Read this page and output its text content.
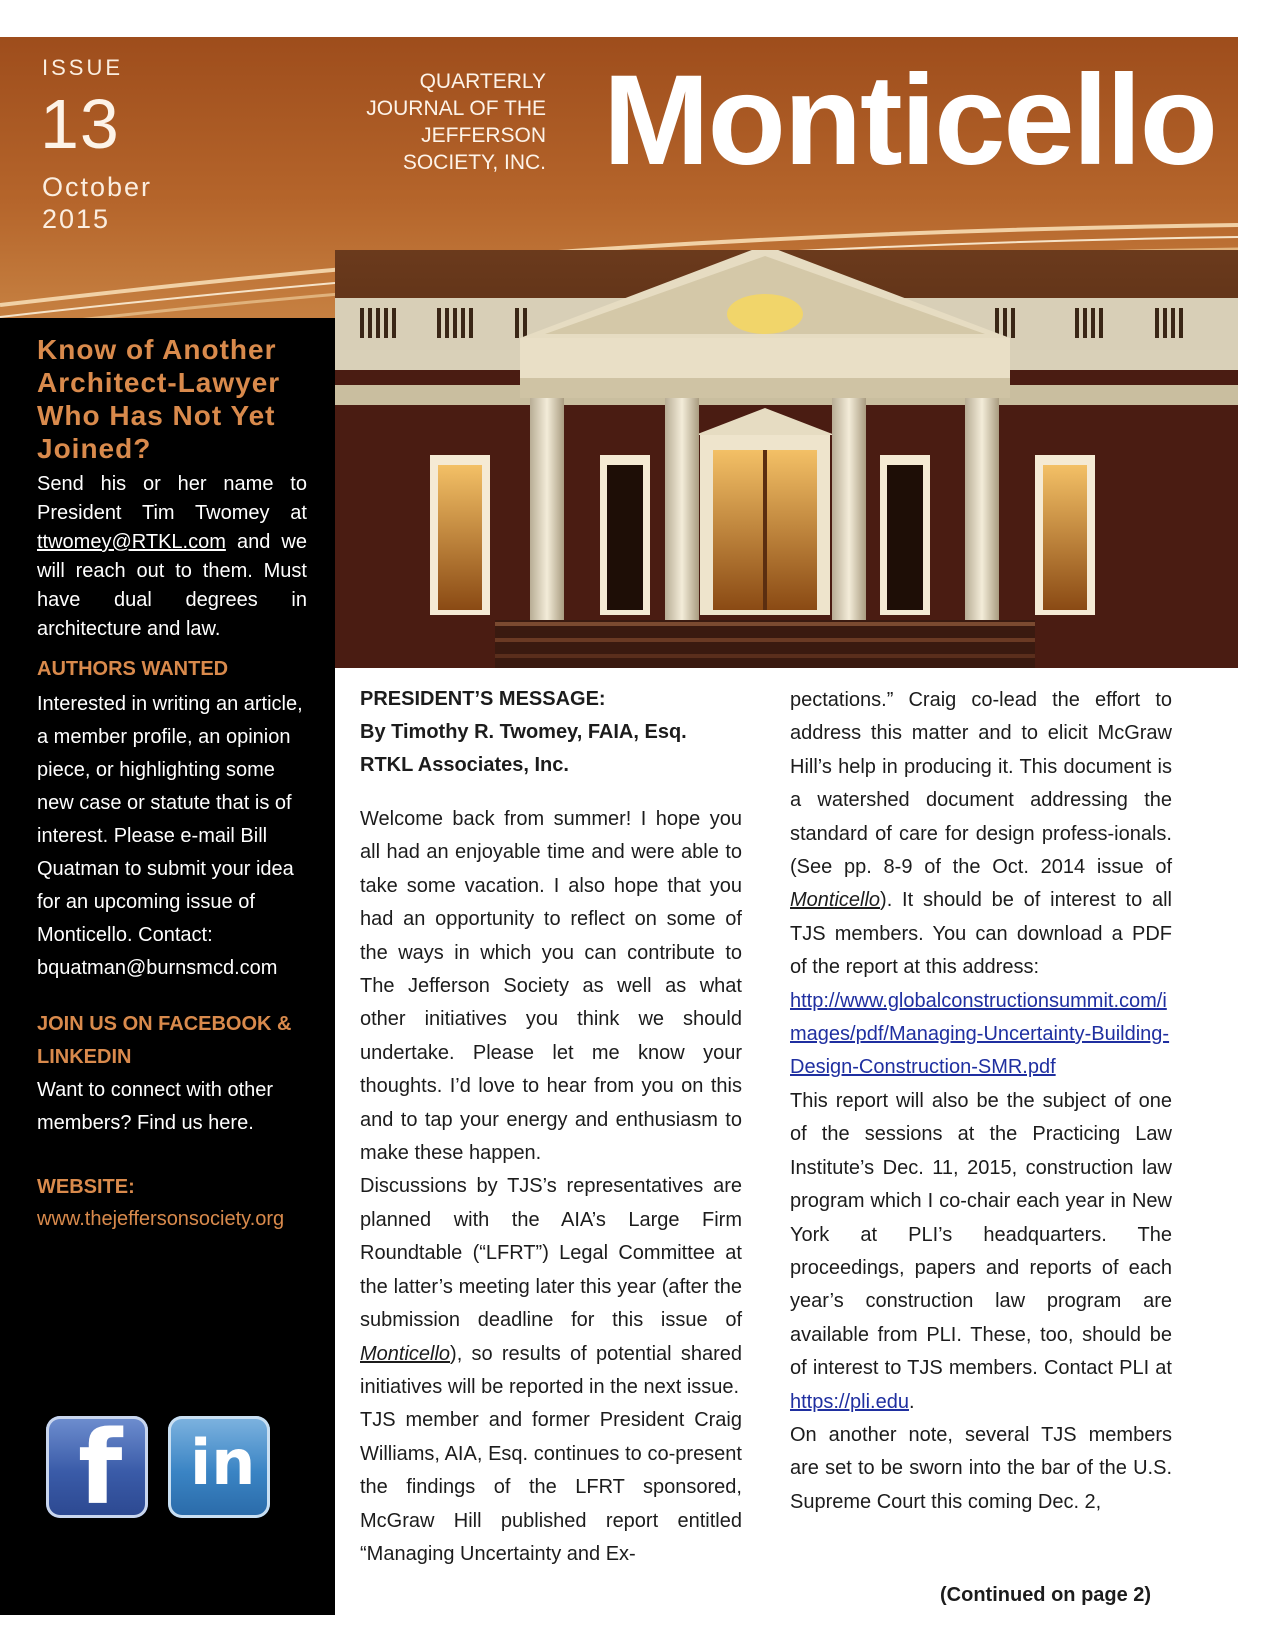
ISSUE
13
October
2015
QUARTERLY
JOURNAL OF THE
JEFFERSON
SOCIETY, INC. Monticello
Know of Another Architect-Lawyer Who Has Not Yet Joined?
Send his or her name to President Tim Twomey at ttwomey@RTKL.com and we will reach out to them. Must have dual degrees in architecture and law.
AUTHORS WANTED
Interested in writing an article, a member profile, an opinion piece, or highlighting some new case or statute that is of interest. Please e-mail Bill Quatman to submit your idea for an upcoming issue of Monticello. Contact:
bquatman@burnsmcd.com
JOIN US ON FACEBOOK & LINKEDIN
Want to connect with other members? Find us here.
WEBSITE:
www.thejeffersonsociety.org
f in
PRESIDENT’S MESSAGE:
By Timothy R. Twomey, FAIA, Esq.
RTKL Associates, Inc.

Welcome back from summer! I hope you all had an enjoyable time and were able to take some vacation. I also hope that you had an opportunity to reflect on some of the ways in which you can contribute to The Jefferson Society as well as what other initiatives you think we should undertake. Please let me know your thoughts. I’d love to hear from you on this and to tap your energy and enthusiasm to make these happen.

Discussions by TJS’s representatives are planned with the AIA’s Large Firm Roundtable (“LFRT”) Legal Committee at the latter’s meeting later this year (after the submission deadline for this issue of Monticello), so results of potential shared initiatives will be reported in the next issue.

TJS member and former President Craig Williams, AIA, Esq. continues to co-present the findings of the LFRT sponsored, McGraw Hill published report entitled “Managing Uncertainty and Ex-

pectations.” Craig co-lead the effort to address this matter and to elicit McGraw Hill’s help in producing it. This document is a watershed document addressing the standard of care for design profess-ionals. (See pp. 8-9 of the Oct. 2014 issue of Monticello). It should be of interest to all TJS members. You can download a PDF of the report at this address:

http://www.globalconstructionsummit.com/images/pdf/Managing-Uncertainty-Building-Design-Construction-SMR.pdf

This report will also be the subject of one of the sessions at the Practicing Law Institute’s Dec. 11, 2015, construction law program which I co-chair each year in New York at PLI’s headquarters. The proceedings, papers and reports of each year’s construction law program are available from PLI. These, too, should be of interest to TJS members. Contact PLI at https://pli.edu.

On another note, several TJS members are set to be sworn into the bar of the U.S. Supreme Court this coming Dec. 2,

(Continued on page 2)
